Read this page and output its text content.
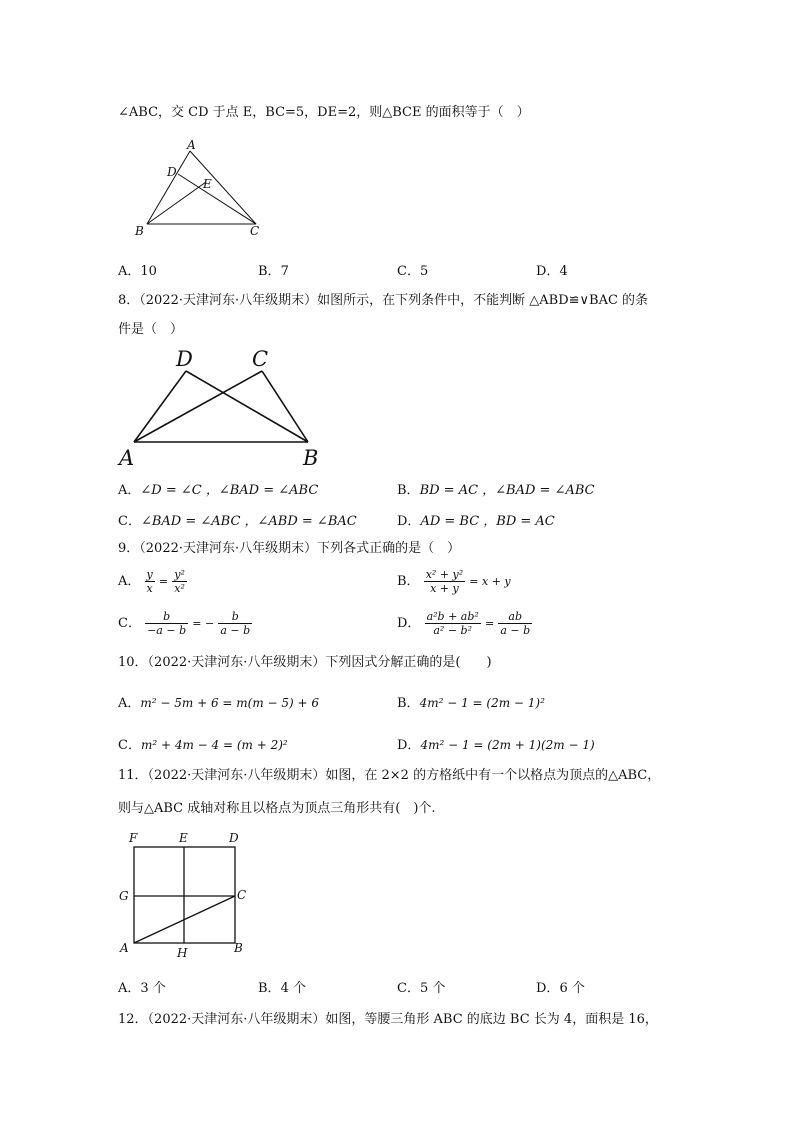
∠ABC，交 CD 于点 E，BC=5，DE=2，则△BCE 的面积等于（　）
A
D
E
B	C
A．10	B．7	C．5	D．4
8．（2022·天津河东·八年级期末）如图所示，在下列条件中，不能判断 △ABD≌∨BAC 的条
件是（　）
D	C
A	B
A．∠D = ∠C ，∠BAD = ∠ABC	B．BD = AC ，∠BAD = ∠ABC
C．∠BAD = ∠ABC ，∠ABD = ∠BAC	D．AD = BC ，BD = AC
9．（2022·天津河东·八年级期末）下列各式正确的是（　）
A． $\frac{y}{x} = \frac{\text{y²}}{\text{x²}}$	B． $\frac{\text{x² + y²}}{x + y} = x + y$
C． $\frac{b}{-a - b}$ = − $\frac{b}{a - b}$	D． $\frac{\text{a²b + ab²}}{\text{a² − b²}} = \frac{ab}{a - b}$
10．（2022·天津河东·八年级期末）下列因式分解正确的是(　　)
A．m² − 5m + 6 = m(m − 5) + 6	B．4m² − 1 = (2m − 1)²
C．m² + 4m − 4 = (m + 2)²	D．4m² − 1 = (2m + 1)(2m − 1)
11．（2022·天津河东·八年级期末）如图，在 2×2 的方格纸中有一个以格点为顶点的△ABC，
则与△ABC 成轴对称且以格点为顶点三角形共有(　)个.
F	E	D
G	C
A	H	B
A．3 个	B．4 个	C．5 个	D．6 个
12．（2022·天津河东·八年级期末）如图，等腰三角形 ABC 的底边 BC 长为 4，面积是 16，
